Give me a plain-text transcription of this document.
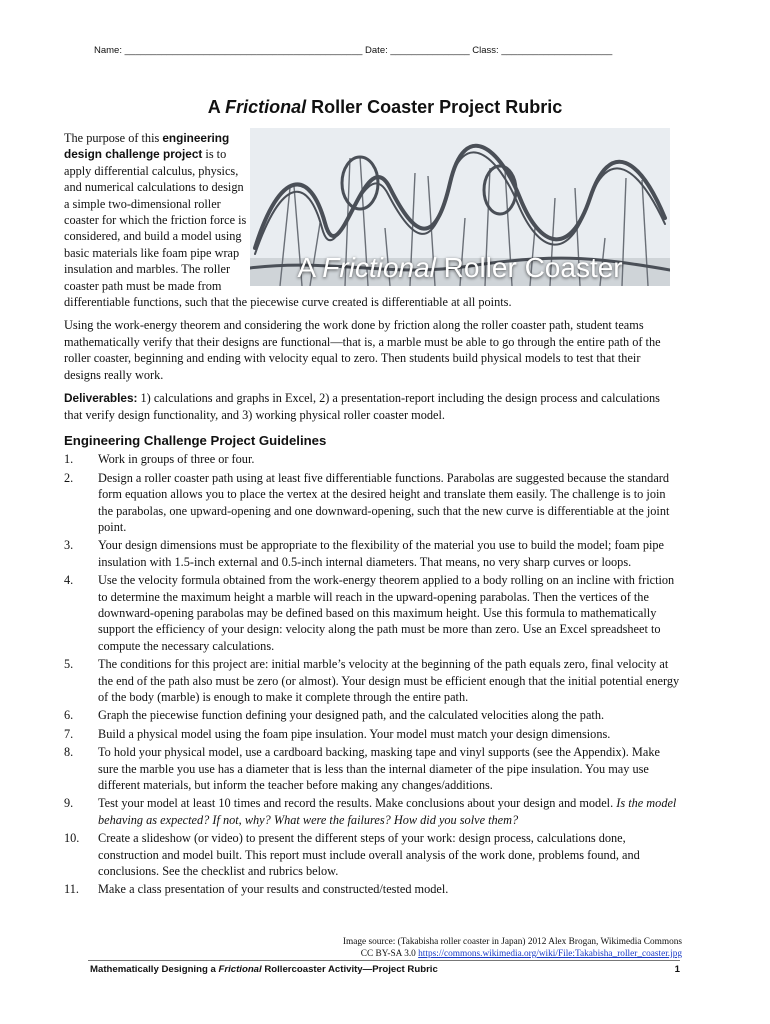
Name: _____________________________________________ Date: _______________ Class: _____________________
A Frictional Roller Coaster Project Rubric
A Frictional Roller Coaster

The purpose of this engineering design challenge project is to apply differential calculus, physics, and numerical calculations to design a simple two-dimensional roller coaster for which the friction force is considered, and build a model using basic materials like foam pipe wrap insulation and marbles. The roller coaster path must be made from differentiable functions, such that the piecewise curve created is differentiable at all points.

Using the work-energy theorem and considering the work done by friction along the roller coaster path, student teams mathematically verify that their designs are functional—that is, a marble must be able to go through the entire path of the roller coaster, beginning and ending with velocity equal to zero. Then students build physical models to test that their designs really work.

Deliverables: 1) calculations and graphs in Excel, 2) a presentation-report including the design process and calculations that verify design functionality, and 3) working physical roller coaster model.

Engineering Challenge Project Guidelines
1.	Work in groups of three or four.
2.	Design a roller coaster path using at least five differentiable functions. Parabolas are suggested because the standard form equation allows you to place the vertex at the desired height and translate them easily. The challenge is to join the parabolas, one upward-opening and one downward-opening, such that the new curve is differentiable at the joint point.
3.	Your design dimensions must be appropriate to the flexibility of the material you use to build the model; foam pipe insulation with 1.5-inch external and 0.5-inch internal diameters. That means, no very sharp curves or loops.
4.	Use the velocity formula obtained from the work-energy theorem applied to a body rolling on an incline with friction to determine the maximum height a marble will reach in the upward-opening parabolas. Then the vertices of the downward-opening parabolas may be defined based on this maximum height. Use this formula to mathematically support the efficiency of your design: velocity along the path must be more than zero. Use an Excel spreadsheet to compute the necessary calculations.
5.	The conditions for this project are: initial marble’s velocity at the beginning of the path equals zero, final velocity at the end of the path also must be zero (or almost). Your design must be efficient enough that the initial potential energy of the body (marble) is enough to make it complete through the entire path.
6.	Graph the piecewise function defining your designed path, and the calculated velocities along the path.
7.	Build a physical model using the foam pipe insulation. Your model must match your design dimensions.
8.	To hold your physical model, use a cardboard backing, masking tape and vinyl supports (see the Appendix). Make sure the marble you use has a diameter that is less than the internal diameter of the pipe insulation. You may use different materials, but inform the teacher before making any changes/additions.
9.	Test your model at least 10 times and record the results. Make conclusions about your design and model. Is the model behaving as expected? If not, why? What were the failures? How did you solve them?
10.	Create a slideshow (or video) to present the different steps of your work: design process, calculations done, construction and model built. This report must include overall analysis of the work done, problems found, and conclusions. See the checklist and rubrics below.
11.	Make a class presentation of your results and constructed/tested model.
Image source: (Takabisha roller coaster in Japan) 2012 Alex Brogan, Wikimedia Commons
CC BY-SA 3.0 https://commons.wikimedia.org/wiki/File:Takabisha_roller_coaster.jpg
Mathematically Designing a Frictional Rollercoaster Activity—Project Rubric	1
